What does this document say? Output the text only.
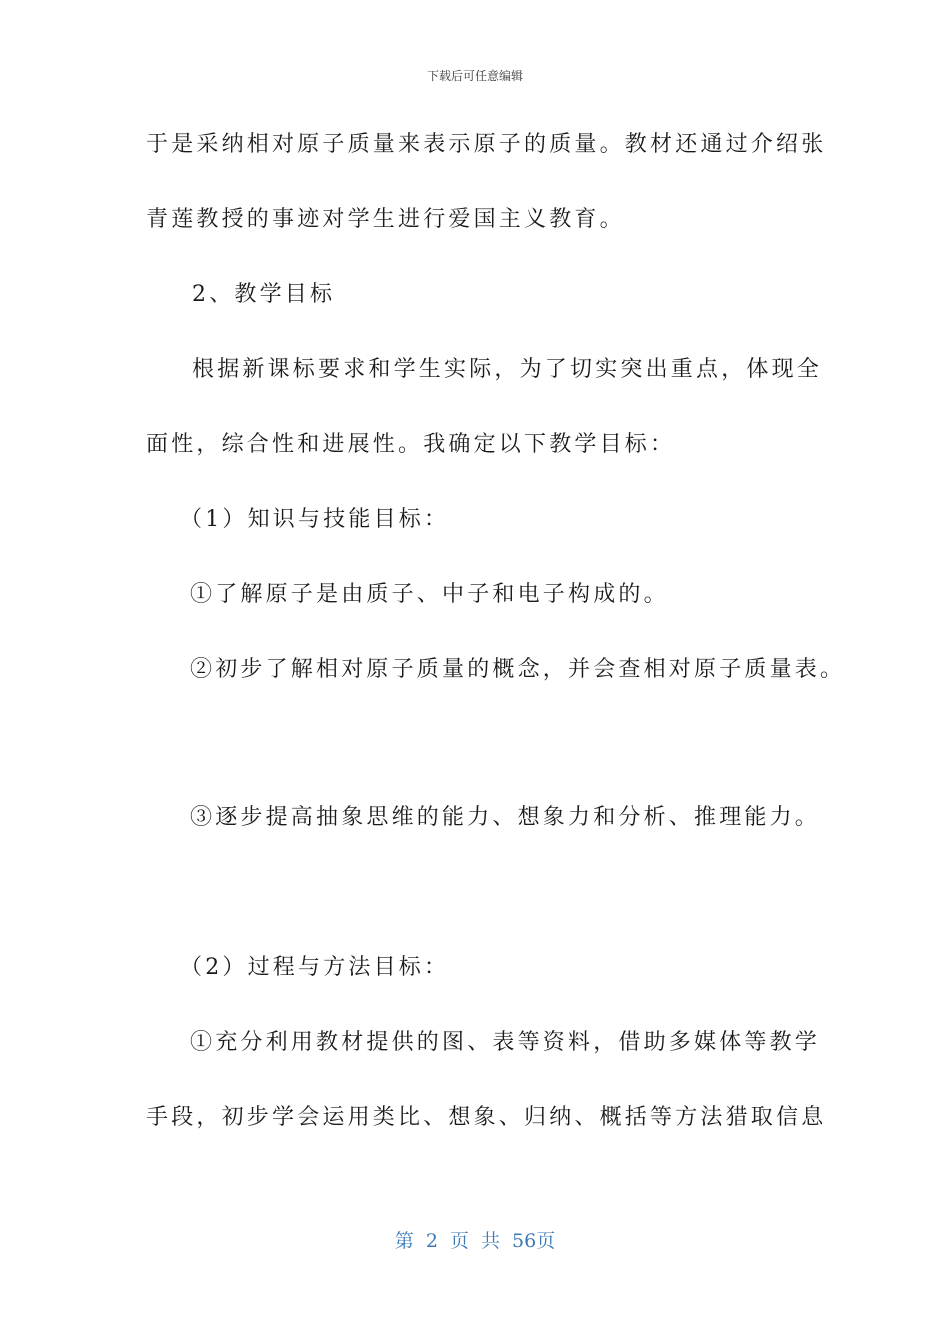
下载后可任意编辑
于是采纳相对原子质量来表示原子的质量。教材还通过介绍张
青莲教授的事迹对学生进行爱国主义教育。
2、教学目标
根据新课标要求和学生实际，为了切实突出重点，体现全
面性，综合性和进展性。我确定以下教学目标：
（1）知识与技能目标：
①了解原子是由质子、中子和电子构成的。
②初步了解相对原子质量的概念，并会查相对原子质量表。
③逐步提高抽象思维的能力、想象力和分析、推理能力。
（2）过程与方法目标：
①充分利用教材提供的图、表等资料，借助多媒体等教学
手段，初步学会运用类比、想象、归纳、概括等方法猎取信息
第 2 页 共 56页
